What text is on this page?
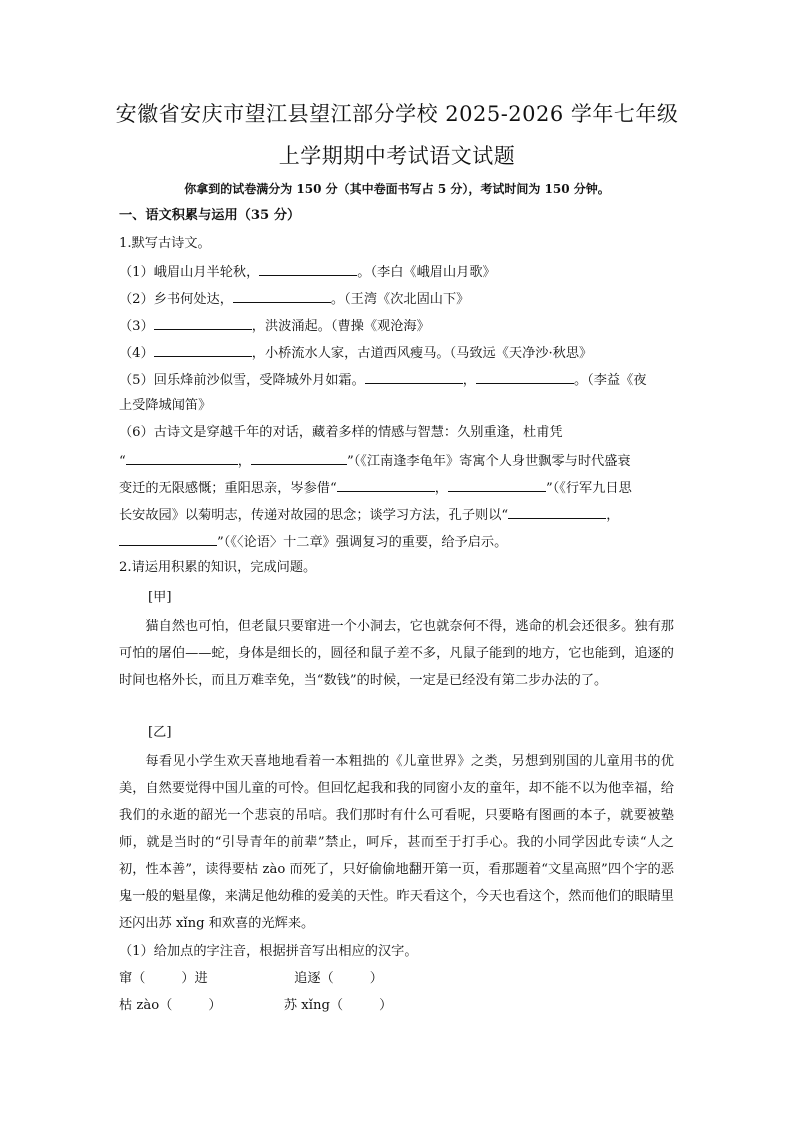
安徽省安庆市望江县望江部分学校 2025-2026 学年七年级
上学期期中考试语文试题
你拿到的试卷满分为 150 分（其中卷面书写占 5 分），考试时间为 150 分钟。
一、语文积累与运用（35 分）
1.默写古诗文。
（1）峨眉山月半轮秋，	。（李白《峨眉山月歌》
（2）乡书何处达，	。（王湾《次北固山下》
（3）	，洪波涌起。（曹操《观沧海》
（4）	，小桥流水人家，古道西风瘦马。（马致远《天净沙·秋思》
（5）回乐烽前沙似雪，受降城外月如霜。	，	。（李益《夜
上受降城闻笛》
（6）古诗文是穿越千年的对话，藏着多样的情感与智慧：久别重逢，杜甫凭
“	，	”（《江南逢李龟年》寄寓个人身世飘零与时代盛衰
变迁的无限感慨；重阳思亲，岑参借“	，	”（《行军九日思
长安故园》以菊明志，传递对故园的思念；谈学习方法，孔子则以“	，
”（《〈论语〉十二章》强调复习的重要，给予启示。
2.请运用积累的知识，完成问题。
[甲]
猫自然也可怕，但老鼠只要窜进一个小洞去，它也就奈何不得，逃命的机会还很多。独有那可怕的屠伯——蛇，身体是细长的，圆径和鼠子差不多，凡鼠子能到的地方，它也能到，追逐的时间也格外长，而且万难幸免，当“数钱”的时候，一定是已经没有第二步办法的了。
[乙]
每看见小学生欢天喜地地看着一本粗拙的《儿童世界》之类，另想到别国的儿童用书的优美，自然要觉得中国儿童的可怜。但回忆起我和我的同窗小友的童年，却不能不以为他幸福，给我们的永逝的韶光一个悲哀的吊唁。我们那时有什么可看呢，只要略有图画的本子，就要被塾师，就是当时的“引导青年的前辈”禁止，呵斥，甚而至于打手心。我的小同学因此专读“人之初，性本善”，读得要枯 zào 而死了，只好偷偷地翻开第一页，看那题着“文星高照”四个字的恶鬼一般的魁星像，来满足他幼稚的爱美的天性。昨天看这个，今天也看这个，然而他们的眼睛里还闪出苏 xǐng 和欢喜的光辉来。
（1）给加点的字注音，根据拼音写出相应的汉字。
窜（	）进	追逐（	）
枯 zào（	）	苏 xǐng（	）
